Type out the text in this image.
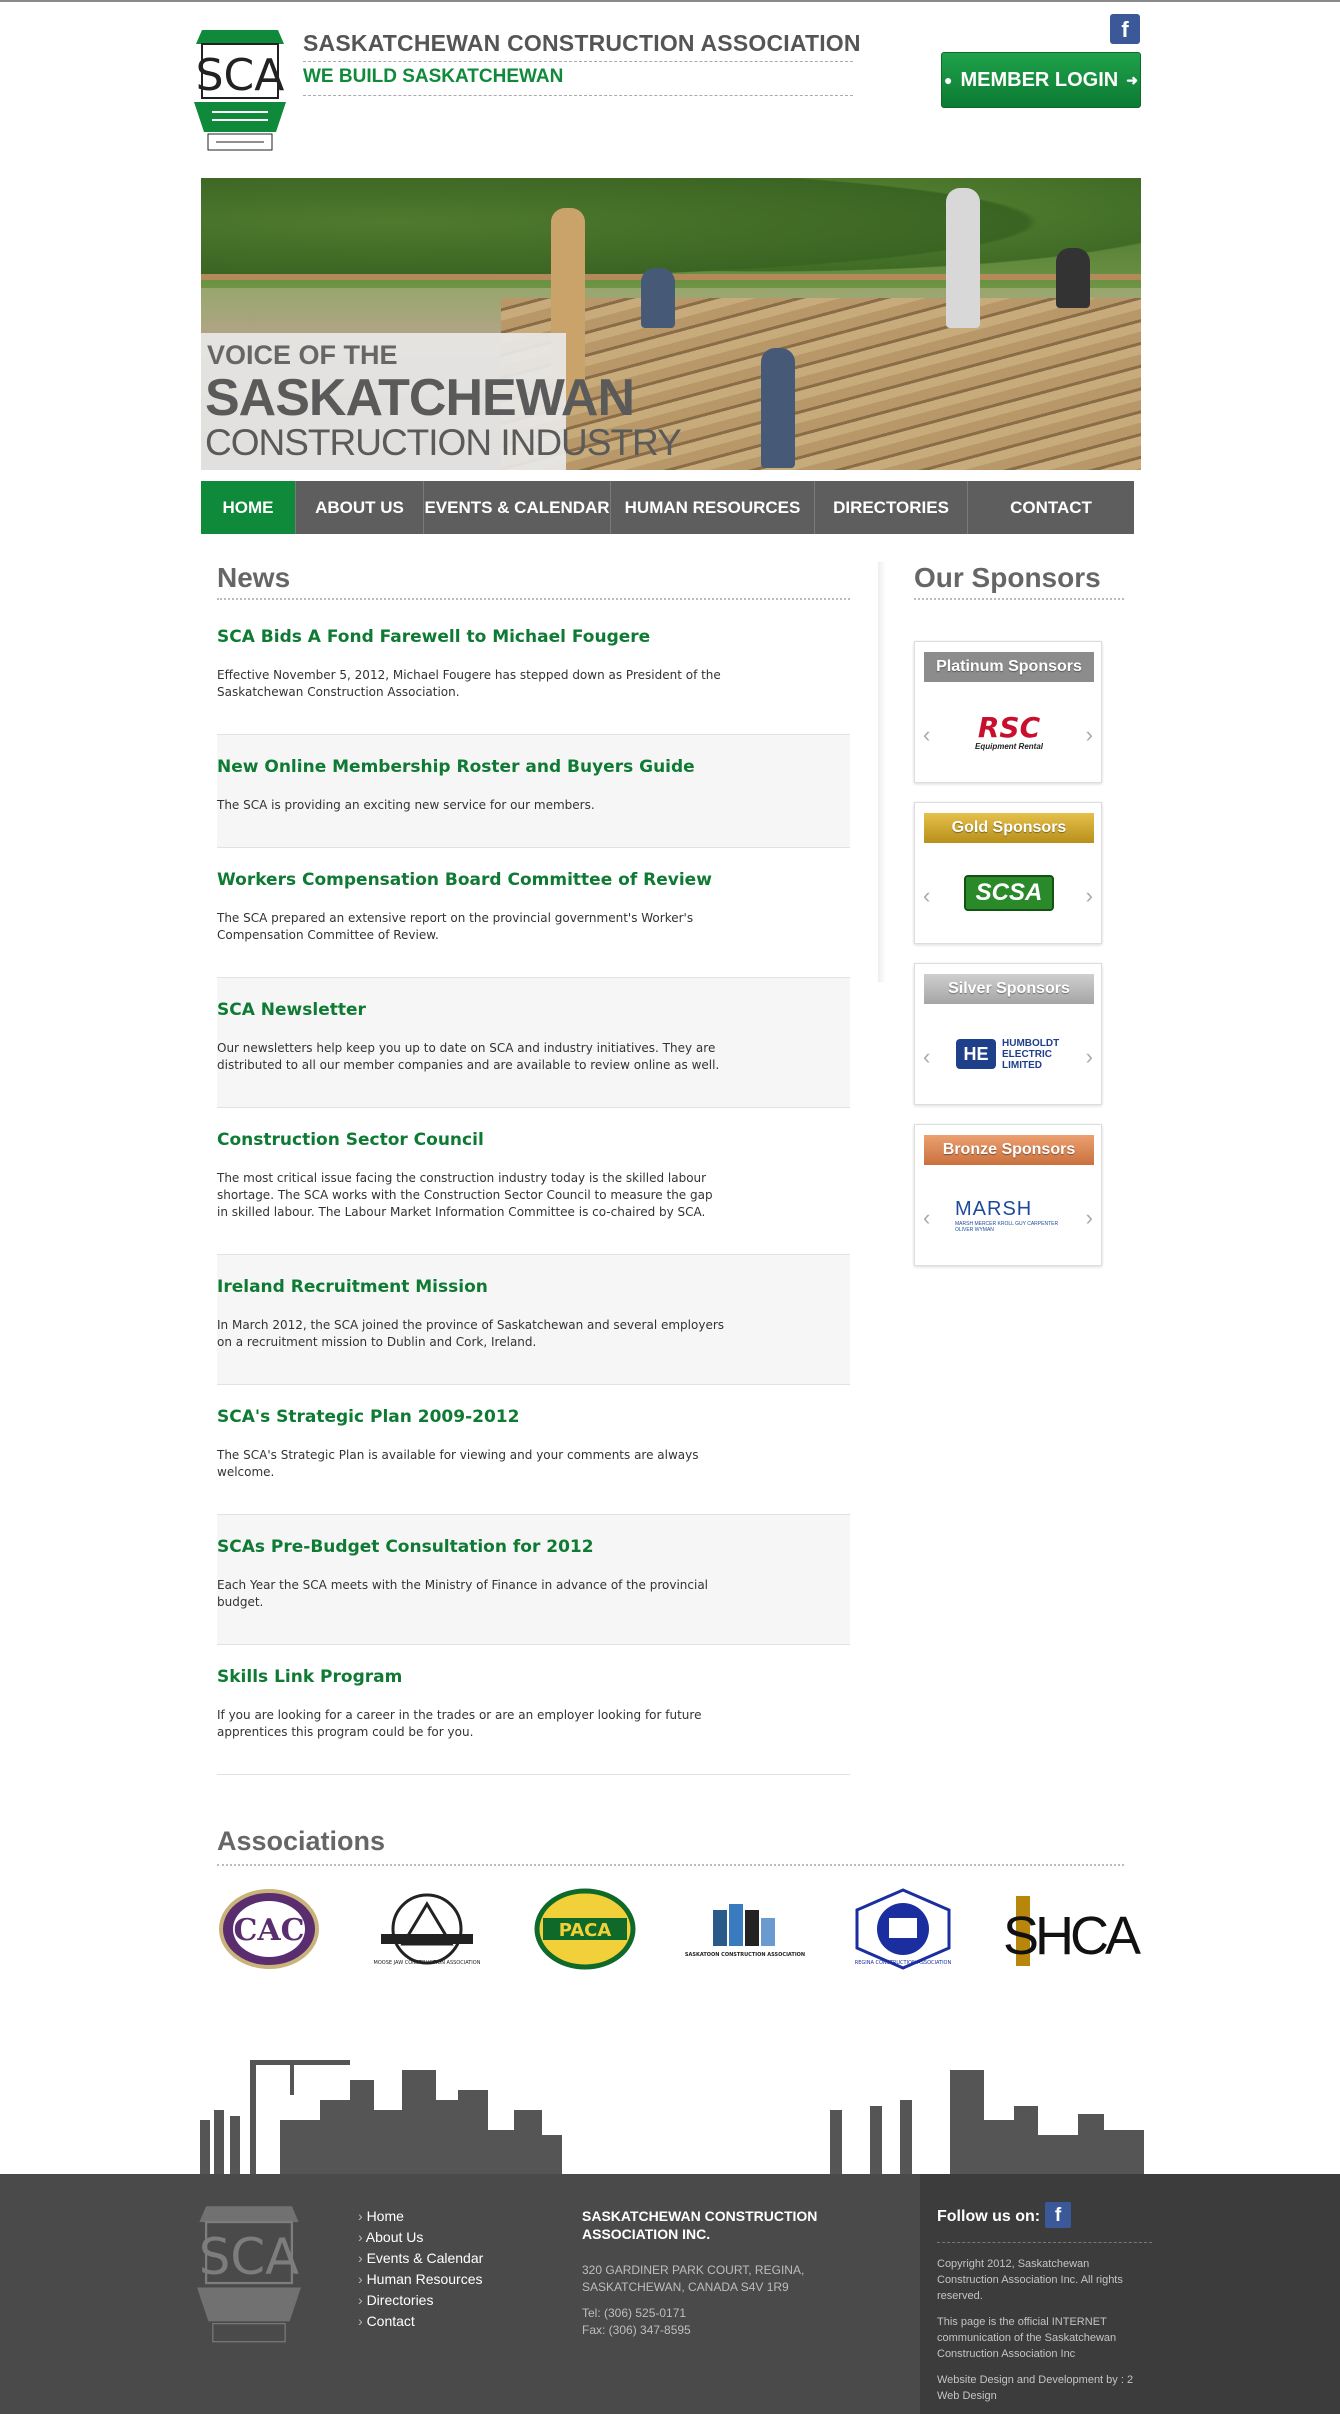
SCA
SASKATCHEWAN CONSTRUCTION ASSOCIATION
WE BUILD SASKATCHEWAN
f
● MEMBER LOGIN ➜
VOICE OF THE
SASKATCHEWAN
CONSTRUCTION INDUSTRY
HOME	ABOUT US	EVENTS & CALENDAR HUMAN RESOURCES	DIRECTORIES	CONTACT
News
SCA Bids A Fond Farewell to Michael Fougere

Effective November 5, 2012, Michael Fougere has stepped down as President of the Saskatchewan Construction Association.

New Online Membership Roster and Buyers Guide

The SCA is providing an exciting new service for our members.

Workers Compensation Board Committee of Review

The SCA prepared an extensive report on the provincial government's Worker's Compensation Committee of Review.

SCA Newsletter

Our newsletters help keep you up to date on SCA and industry initiatives. They are distributed to all our member companies and are available to review online as well.

Construction Sector Council

The most critical issue facing the construction industry today is the skilled labour shortage. The SCA works with the Construction Sector Council to measure the gap in skilled labour. The Labour Market Information Committee is co-chaired by SCA.

Ireland Recruitment Mission

In March 2012, the SCA joined the province of Saskatchewan and several employers on a recruitment mission to Dublin and Cork, Ireland.

SCA's Strategic Plan 2009-2012

The SCA's Strategic Plan is available for viewing and your comments are always welcome.

SCAs Pre-Budget Consultation for 2012

Each Year the SCA meets with the Ministry of Finance in advance of the provincial budget.

Skills Link Program

If you are looking for a career in the trades or are an employer looking for future apprentices this program could be for you.

Our Sponsors
Platinum Sponsors
‹ RSC
Equipment Rental ›
Gold Sponsors
‹	SCSA	›
Silver Sponsors
‹	HE
HUMBOLDT ELECTRIC LIMITED	›
Bronze Sponsors
‹ MARSH
MARSH MERCER KROLL GUY CARPENTER OLIVER WYMAN	›
Associations
CAC
MOOSE JAW CONSTRUCTION ASSOCIATION
PACA
SASKATOON CONSTRUCTION ASSOCIATION
REGINA CONSTRUCTION ASSOCIATION SHCA
SCA
› Home
› About Us
› Events & Calendar
› Human Resources
› Directories
› Contact
SASKATCHEWAN CONSTRUCTION ASSOCIATION INC.
320 GARDINER PARK COURT, REGINA, SASKATCHEWAN, CANADA S4V 1R9
Tel: (306) 525-0171
Fax: (306) 347-8595
Follow us on: f

Copyright 2012, Saskatchewan Construction Association Inc. All rights reserved.

This page is the official INTERNET communication of the Saskatchewan Construction Association Inc

Website Design and Development by : 2 Web Design
